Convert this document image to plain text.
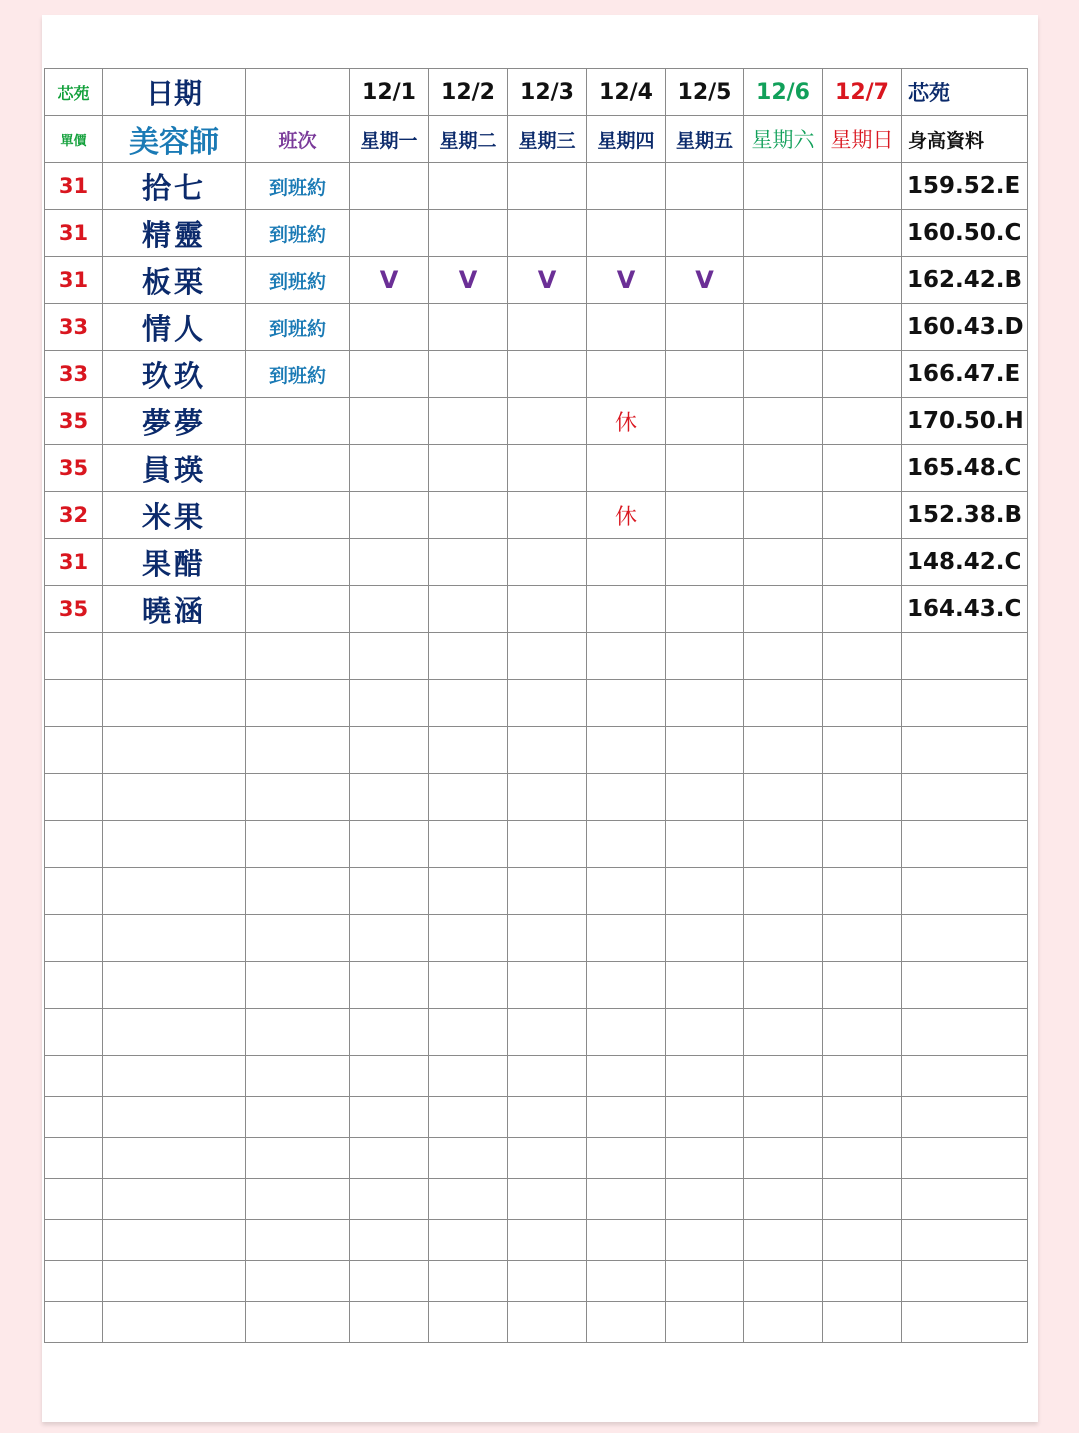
芯苑	日期		12/1	12/2	12/3	12/4	12/5	12/6	12/7	芯苑
單價	美容師	班次	星期一	星期二	星期三	星期四	星期五	星期六	星期日	身高資料
31	拾七	到班約								159.52.E
31	精靈	到班約								160.50.C
31	板栗	到班約	V	V	V	V	V			162.42.B
33	情人	到班約								160.43.D
33	玖玖	到班約								166.47.E
35	夢夢					休				170.50.H
35	員瑛									165.48.C
32	米果					休				152.38.B
31	果醋									148.42.C
35	曉涵									164.43.C
